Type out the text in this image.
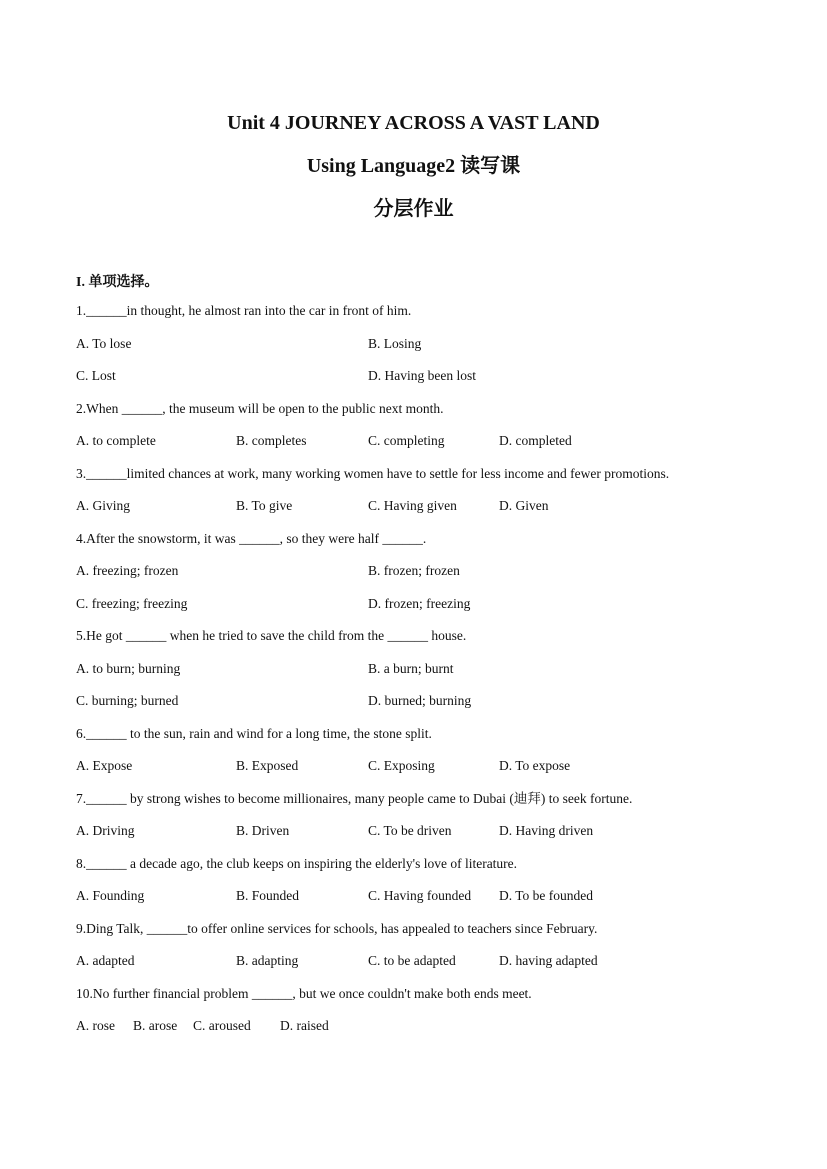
Unit 4 JOURNEY ACROSS A VAST LAND
Using Language2 读写课
分层作业
I. 单项选择。
1.______in thought, he almost ran into the car in front of him.
A. To lose	B. Losing
C. Lost	D. Having been lost
2.When ______, the museum will be open to the public next month.
A. to complete	B. completes	C. completing	D. completed
3.______limited chances at work, many working women have to settle for less income and fewer promotions.
A. Giving	B. To give	C. Having given	D. Given
4.After the snowstorm, it was ______, so they were half ______.
A. freezing; frozen	B. frozen; frozen
C. freezing; freezing	D. frozen; freezing
5.He got ______ when he tried to save the child from the ______ house.
A. to burn; burning	B. a burn; burnt
C. burning; burned	D. burned; burning
6.______ to the sun, rain and wind for a long time, the stone split.
A. Expose	B. Exposed	C. Exposing	D. To expose
7.______ by strong wishes to become millionaires, many people came to Dubai (迪拜) to seek fortune.
A. Driving	B. Driven	C. To be driven	D. Having driven
8.______ a decade ago, the club keeps on inspiring the elderly's love of literature.
A. Founding	B. Founded	C. Having founded D. To be founded
9.Ding Talk, ______to offer online services for schools, has appealed to teachers since February.
A. adapted	B. adapting	C. to be adapted	D. having adapted
10.No further financial problem ______, but we once couldn't make both ends meet.
A. rose B. arose C. aroused D. raised
